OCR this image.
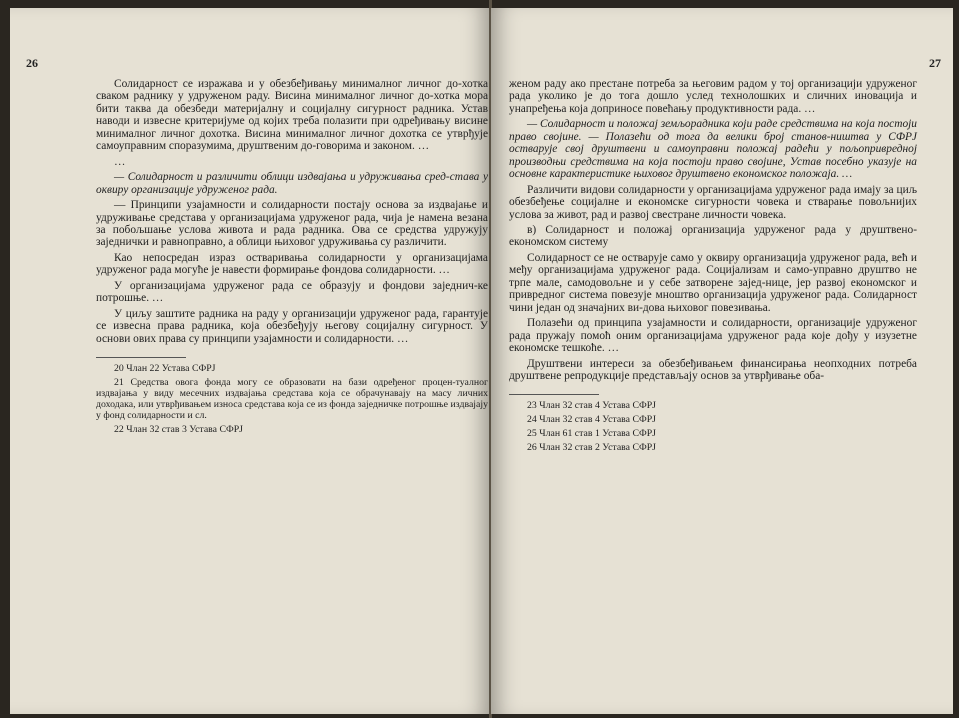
26

Солидарност се изражава и у обезбеђивању минималног личног до-хотка сваком раднику у удруженом раду. Висина минималног личног до-хотка мора бити таква да обезбеди материјалну и социјалну сигурност радника. Устав наводи и извесне критеријуме од којих треба полазити при одређивању висине минималног личног дохотка. Висина минималног личног дохотка се утврђује самоуправним споразумима, друштвеним до-говорима и законом. …

…

— Солидарност и различити облици издвајања и удруживања сред-става у оквиру организације удруженог рада.

— Принципи узајамности и солидарности постају основа за издвајање и удруживање средстава у организацијама удруженог рада, чија је намена везана за побољшање услова живота и рада радника. Ова се средства удружују заједнички и равноправно, а облици њиховог удруживања су различити.

Као непосредан израз остваривања солидарности у организацијама удруженог рада могуће је навести формирање фондова солидарности. …

У организацијама удруженог рада се образују и фондови заједнич-ке потрошње. …

У циљу заштите радника на раду у организацији удруженог рада, гарантује се извесна права радника, која обезбеђују његову социјалну сигурност. У основи ових права су принципи узајамности и солидарности. …

20 Члан 22 Устава СФРЈ

21 Средства овога фонда могу се образовати на бази одређеног процен-туалног издвајања у виду месечних издвајања средстава која се обрачунавају на масу личних доходака, или утврђивањем износа средстава која се из фонда заједничке потрошње издвајају у фонд солидарности и сл.

22 Члан 32 став 3 Устава СФРЈ

27

женом раду ако престане потреба за његовим радом у тој организацији удруженог рада уколико је до тога дошло услед технолошких и сличних иновација и унапређења која доприносе повећању продуктивности рада. …

— Солидарност и положај земљорадника који раде средствима на која постоји право својине. — Полазећи од тога да велики број станов-ништва у СФРЈ остварује свој друштвени и самоуправни положај радећи у пољопривредној производњи средствима на која постоји право својине, Устав посебно указује на основне карактеристике њиховог друштвено економског положаја. …

Различити видови солидарности у организацијама удруженог рада имају за циљ обезбеђење социјалне и економске сигурности човека и стварање повољнијих услова за живот, рад и развој свестране личности човека.

в) Солидарност и положај организација удруженог рада у друштвено-економском систему

Солидарност се не остварује само у оквиру организација удруженог рада, већ и међу организацијама удруженог рада. Социјализам и само-управно друштво не трпе мале, самодовољне и у себе затворене зајед-нице, јер развој економског и привредног система повезује мноштво организација удруженог рада. Солидарност чини један од значајних ви-дова њиховог повезивања.

Полазећи од принципа узајамности и солидарности, организације удруженог рада пружају помоћ оним организацијама удруженог рада које дођу у изузетне економске тешкоће. …

Друштвени интереси за обезбеђивањем финансирања неопходних потреба друштвене репродукције представљају основ за утврђивање оба-

23 Члан 32 став 4 Устава СФРЈ

24 Члан 32 став 4 Устава СФРЈ

25 Члан 61 став 1 Устава СФРЈ

26 Члан 32 став 2 Устава СФРЈ
